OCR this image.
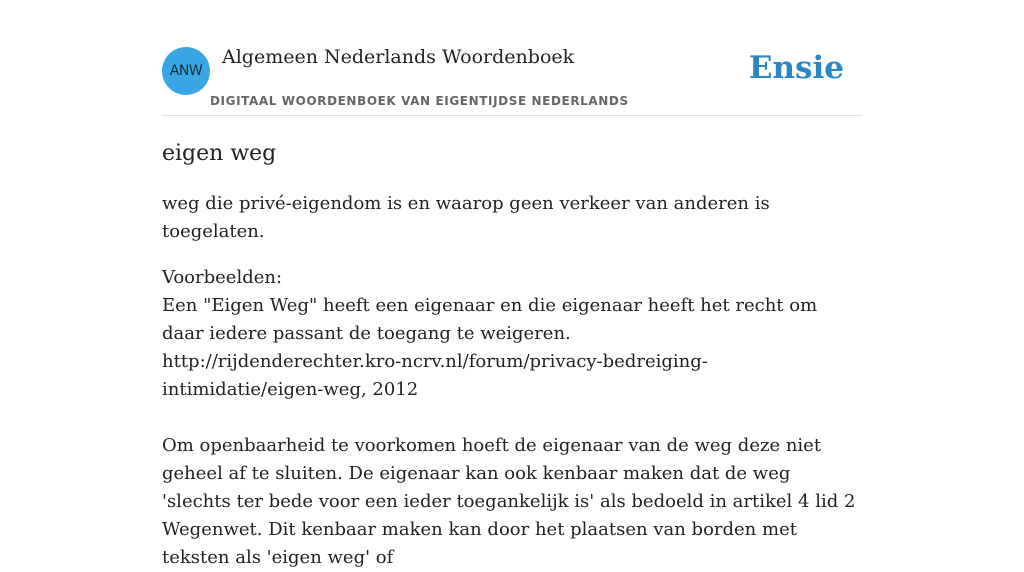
ANW
Algemeen Nederlands Woordenboek
DIGITAAL WOORDENBOEK VAN EIGENTIJDSE NEDERLANDS
Ensie
eigen weg

weg die privé-eigendom is en waarop geen verkeer van anderen is toegelaten.

Voorbeelden:

Een "Eigen Weg" heeft een eigenaar en die eigenaar heeft het recht om daar iedere passant de toegang te weigeren.

http://rijdenderechter.kro-ncrv.nl/forum/privacy-bedreiging-intimidatie/eigen-weg, 2012

Om openbaarheid te voorkomen hoeft de eigenaar van de weg deze niet geheel af te sluiten. De eigenaar kan ook kenbaar maken dat de weg 'slechts ter bede voor een ieder toegankelijk is' als bedoeld in artikel 4 lid 2 Wegenwet. Dit kenbaar maken kan door het plaatsen van borden met teksten als 'eigen weg' of
